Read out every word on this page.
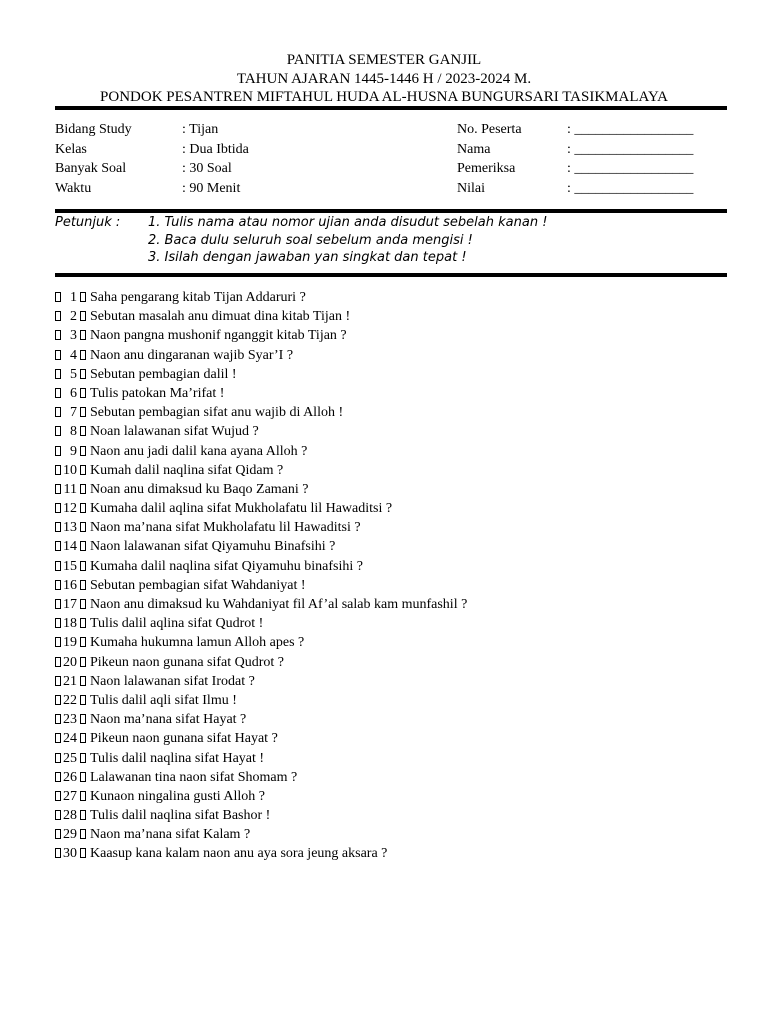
PANITIA SEMESTER GANJIL
TAHUN AJARAN 1445-1446 H / 2023-2024 M.
PONDOK PESANTREN MIFTAHUL HUDA AL-HUSNA BUNGURSARI TASIKMALAYA
Bidang Study	: Tijan	No. Peserta	: _________________
Kelas	: Dua Ibtida	Nama	: _________________
Banyak Soal	: 30 Soal	Pemeriksa	: _________________
Waktu	: 90 Menit	Nilai	: _________________
Petunjuk : 1. Tulis nama atau nomor ujian anda disudut sebelah kanan !
2. Baca dulu seluruh soal sebelum anda mengisi !
3. Isilah dengan jawaban yan singkat dan tepat !
1 Saha pengarang kitab Tijan Addaruri ?
2 Sebutan masalah anu dimuat dina kitab Tijan !
3 Naon pangna mushonif nganggit kitab Tijan ?
4 Naon anu dingaranan wajib Syar’I ?
5 Sebutan pembagian dalil !
6 Tulis patokan Ma’rifat !
7 Sebutan pembagian sifat anu wajib di Alloh !
8 Noan lalawanan sifat Wujud ?
9 Naon anu jadi dalil kana ayana Alloh ?
10 Kumah dalil naqlina sifat Qidam ?
11 Noan anu dimaksud ku Baqo Zamani ?
12 Kumaha dalil aqlina sifat Mukholafatu lil Hawaditsi ?
13 Naon ma’nana sifat Mukholafatu lil Hawaditsi ?
14 Naon lalawanan sifat Qiyamuhu Binafsihi ?
15 Kumaha dalil naqlina sifat Qiyamuhu binafsihi ?
16 Sebutan pembagian sifat Wahdaniyat !
17 Naon anu dimaksud ku Wahdaniyat fil Af’al salab kam munfashil ?
18 Tulis dalil aqlina sifat Qudrot !
19 Kumaha hukumna lamun Alloh apes ?
20 Pikeun naon gunana sifat Qudrot ?
21 Naon lalawanan sifat Irodat ?
22 Tulis dalil aqli sifat Ilmu !
23 Naon ma’nana sifat Hayat ?
24 Pikeun naon gunana sifat Hayat ?
25 Tulis dalil naqlina sifat Hayat !
26 Lalawanan tina naon sifat Shomam ?
27 Kunaon ningalina gusti Alloh ?
28 Tulis dalil naqlina sifat Bashor !
29 Naon ma’nana sifat Kalam ?
30 Kaasup kana kalam naon anu aya sora jeung aksara ?
